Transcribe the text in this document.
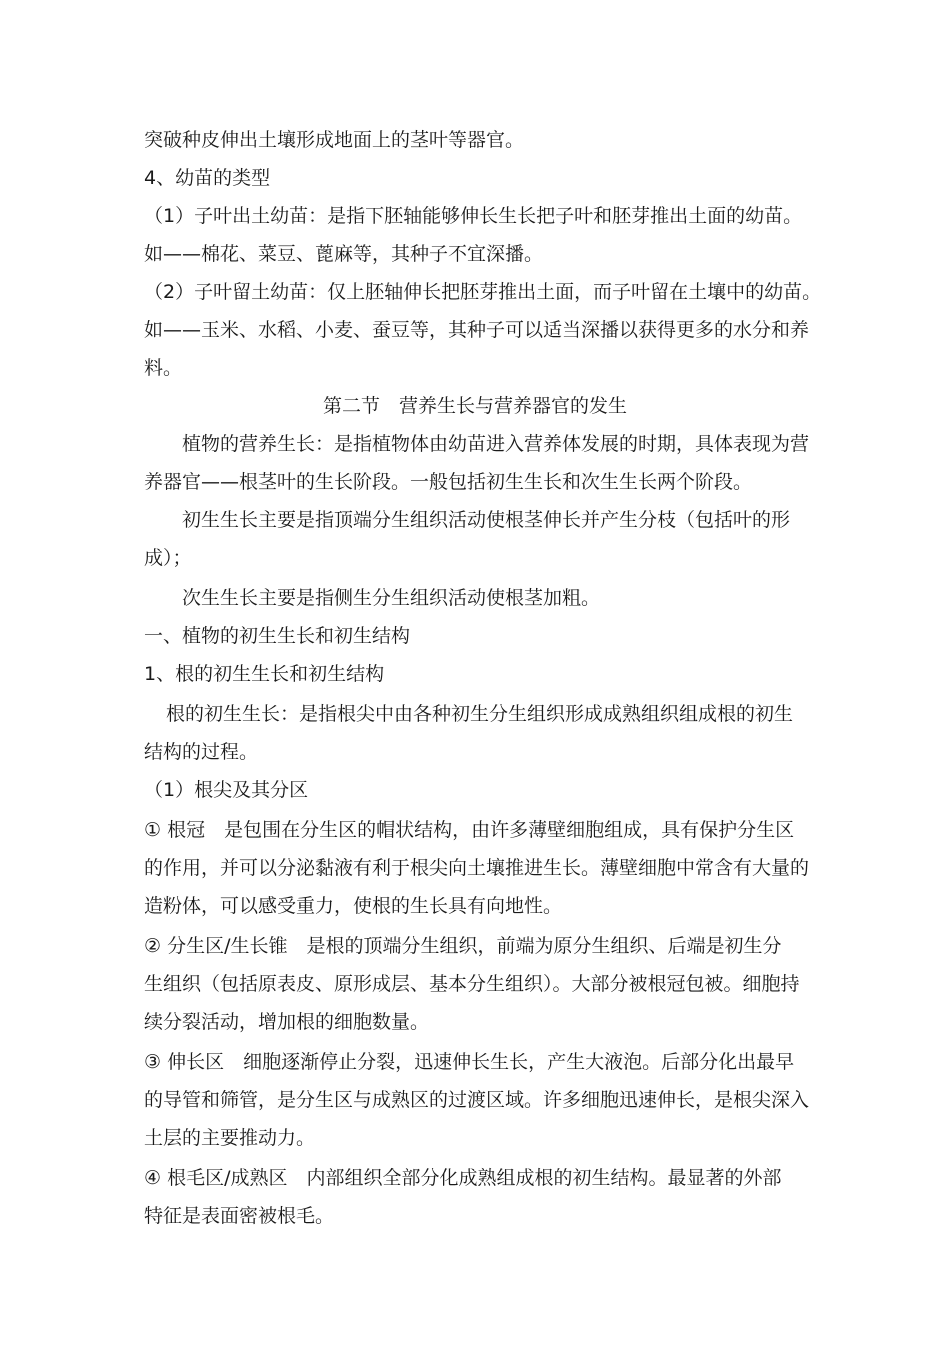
突破种皮伸出土壤形成地面上的茎叶等器官。
4、幼苗的类型
（1）子叶出土幼苗：是指下胚轴能够伸长生长把子叶和胚芽推出土面的幼苗。
如——棉花、菜豆、蓖麻等，其种子不宜深播。
（2）子叶留土幼苗：仅上胚轴伸长把胚芽推出土面，而子叶留在土壤中的幼苗。
如——玉米、水稻、小麦、蚕豆等，其种子可以适当深播以获得更多的水分和养
料。
第二节　营养生长与营养器官的发生
植物的营养生长：是指植物体由幼苗进入营养体发展的时期，具体表现为营
养器官——根茎叶的生长阶段。一般包括初生生长和次生生长两个阶段。
初生生长主要是指顶端分生组织活动使根茎伸长并产生分枝（包括叶的形
成）；
次生生长主要是指侧生分生组织活动使根茎加粗。
一、植物的初生生长和初生结构
1、根的初生生长和初生结构
根的初生生长：是指根尖中由各种初生分生组织形成成熟组织组成根的初生
结构的过程。
（1）根尖及其分区
① 根冠　是包围在分生区的帽状结构，由许多薄壁细胞组成，具有保护分生区
的作用，并可以分泌黏液有利于根尖向土壤推进生长。薄壁细胞中常含有大量的
造粉体，可以感受重力，使根的生长具有向地性。
② 分生区/生长锥　是根的顶端分生组织，前端为原分生组织、后端是初生分
生组织（包括原表皮、原形成层、基本分生组织）。大部分被根冠包被。细胞持
续分裂活动，增加根的细胞数量。
③ 伸长区　细胞逐渐停止分裂，迅速伸长生长，产生大液泡。后部分化出最早
的导管和筛管，是分生区与成熟区的过渡区域。许多细胞迅速伸长，是根尖深入
土层的主要推动力。
④ 根毛区/成熟区　内部组织全部分化成熟组成根的初生结构。最显著的外部
特征是表面密被根毛。
